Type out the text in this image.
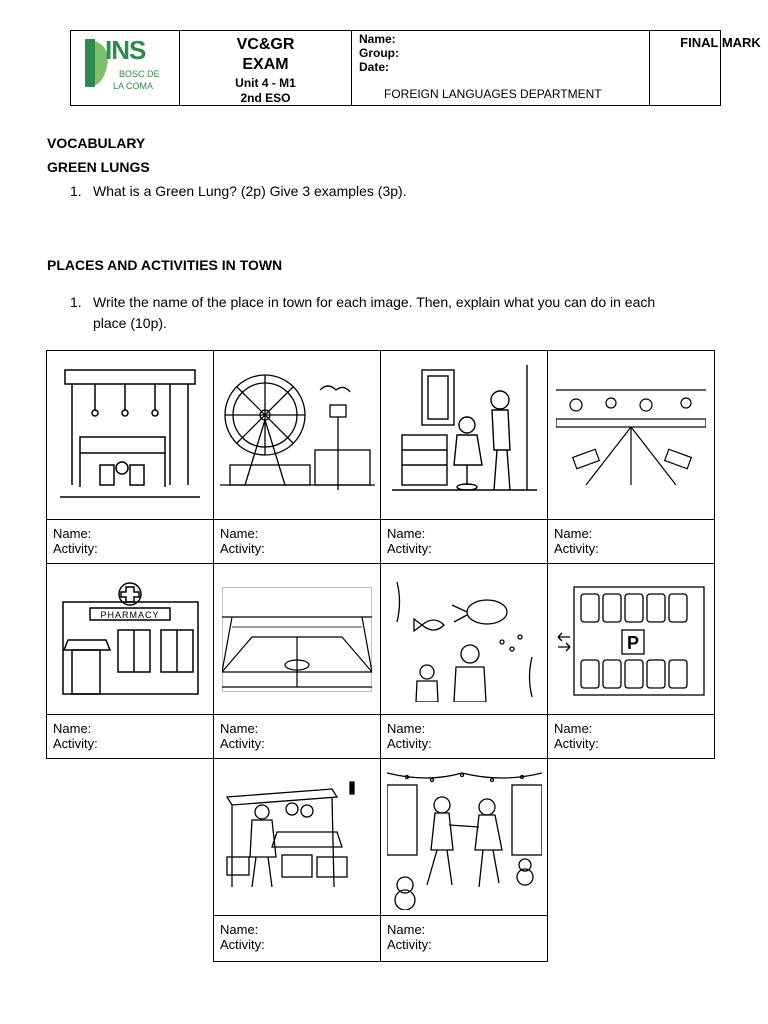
INS
BOSC DE
LA COMA
VC&GR
EXAM
Unit 4 - M1
2nd ESO
Name:
Group:
Date:
FOREIGN LANGUAGES DEPARTMENT
FINAL MARK
VOCABULARY
GREEN LUNGS
1. What is a Green Lung? (2p) Give 3 examples (3p).
PLACES AND ACTIVITIES IN TOWN
1. Write the name of the place in town for each image. Then, explain what you can do in each
place (10p).
Name:
Activity:
Name:
Activity:
Name:
Activity:
Name:
Activity:
PHARMACY
P
Name:
Activity:
Name:
Activity:
Name:
Activity:
Name:
Activity:
Name:
Activity:
Name:
Activity:
